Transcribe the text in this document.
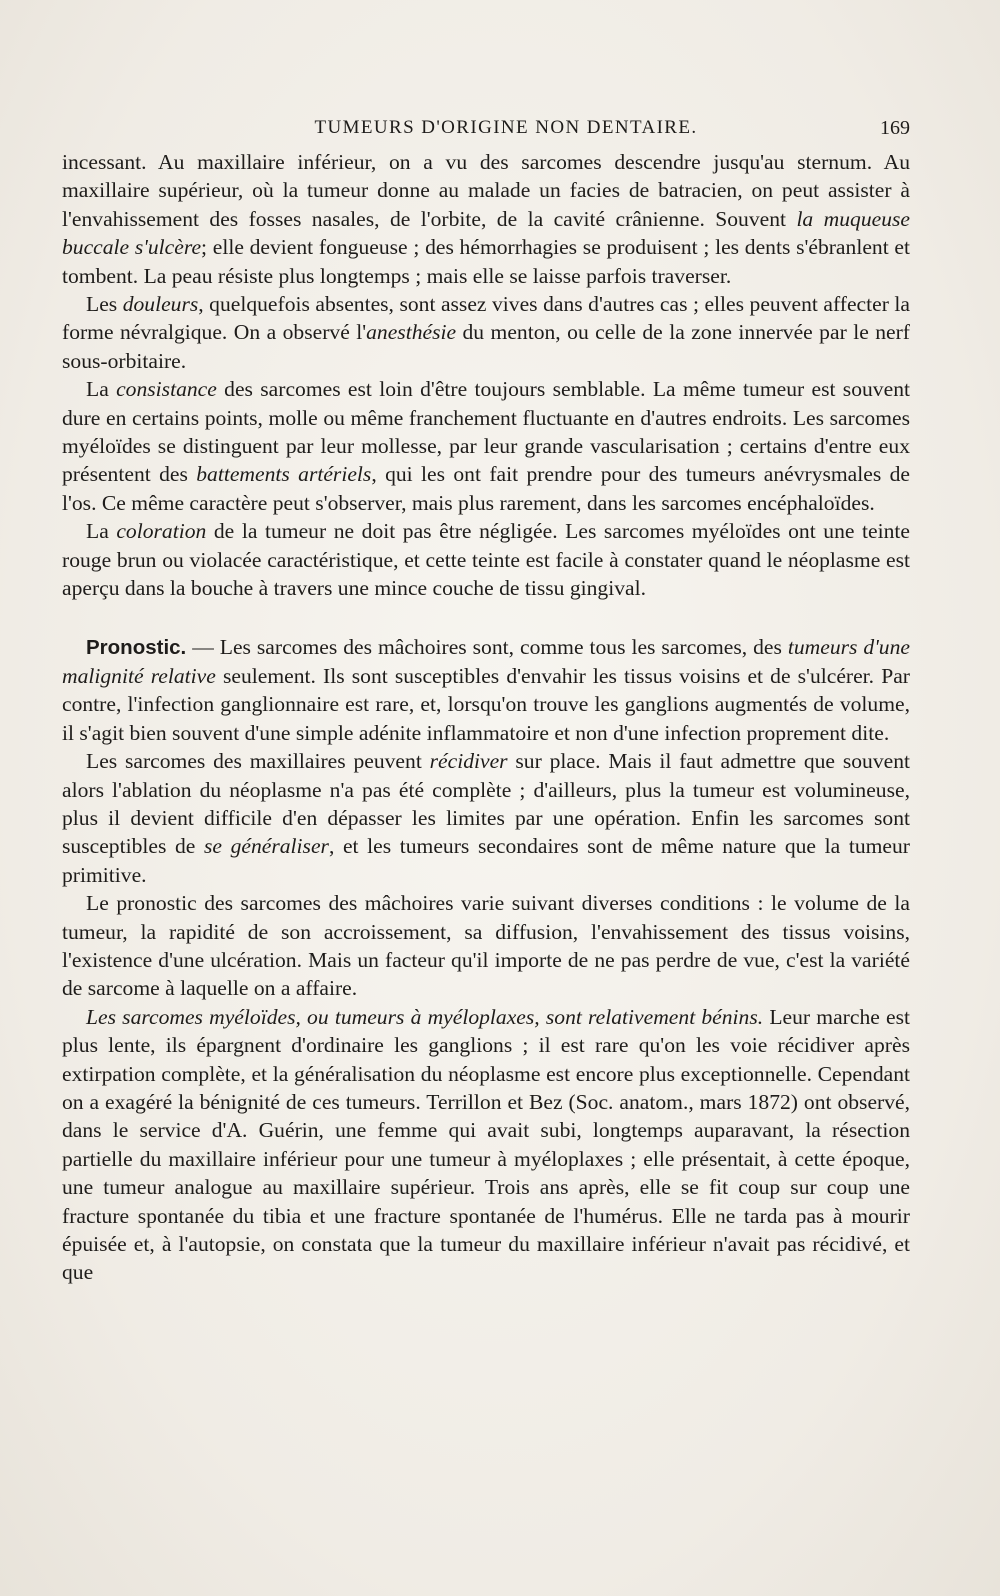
TUMEURS D'ORIGINE NON DENTAIRE.	169

incessant. Au maxillaire inférieur, on a vu des sarcomes descendre jusqu'au sternum. Au maxillaire supérieur, où la tumeur donne au malade un facies de batracien, on peut assister à l'envahissement des fosses nasales, de l'orbite, de la cavité crânienne. Souvent la muqueuse buccale s'ulcère; elle devient fongueuse ; des hémorrhagies se produisent ; les dents s'ébranlent et tombent. La peau résiste plus longtemps ; mais elle se laisse parfois traverser.

Les douleurs, quelquefois absentes, sont assez vives dans d'autres cas ; elles peuvent affecter la forme névralgique. On a observé l'anesthésie du menton, ou celle de la zone innervée par le nerf sous-orbitaire.

La consistance des sarcomes est loin d'être toujours semblable. La même tumeur est souvent dure en certains points, molle ou même franchement fluctuante en d'autres endroits. Les sarcomes myéloïdes se distinguent par leur mollesse, par leur grande vascularisation ; certains d'entre eux présentent des battements artériels, qui les ont fait prendre pour des tumeurs anévrysmales de l'os. Ce même caractère peut s'observer, mais plus rarement, dans les sarcomes encéphaloïdes.

La coloration de la tumeur ne doit pas être négligée. Les sarcomes myéloïdes ont une teinte rouge brun ou violacée caractéristique, et cette teinte est facile à constater quand le néoplasme est aperçu dans la bouche à travers une mince couche de tissu gingival.

Pronostic. — Les sarcomes des mâchoires sont, comme tous les sarcomes, des tumeurs d'une malignité relative seulement. Ils sont susceptibles d'envahir les tissus voisins et de s'ulcérer. Par contre, l'infection ganglionnaire est rare, et, lorsqu'on trouve les ganglions augmentés de volume, il s'agit bien souvent d'une simple adénite inflammatoire et non d'une infection proprement dite.

Les sarcomes des maxillaires peuvent récidiver sur place. Mais il faut admettre que souvent alors l'ablation du néoplasme n'a pas été complète ; d'ailleurs, plus la tumeur est volumineuse, plus il devient difficile d'en dépasser les limites par une opération. Enfin les sarcomes sont susceptibles de se généraliser, et les tumeurs secondaires sont de même nature que la tumeur primitive.

Le pronostic des sarcomes des mâchoires varie suivant diverses conditions : le volume de la tumeur, la rapidité de son accroissement, sa diffusion, l'envahissement des tissus voisins, l'existence d'une ulcération. Mais un facteur qu'il importe de ne pas perdre de vue, c'est la variété de sarcome à laquelle on a affaire.

Les sarcomes myéloïdes, ou tumeurs à myéloplaxes, sont relativement bénins. Leur marche est plus lente, ils épargnent d'ordinaire les ganglions ; il est rare qu'on les voie récidiver après extirpation complète, et la généralisation du néoplasme est encore plus exceptionnelle. Cependant on a exagéré la bénignité de ces tumeurs. Terrillon et Bez (Soc. anatom., mars 1872) ont observé, dans le service d'A. Guérin, une femme qui avait subi, longtemps auparavant, la résection partielle du maxillaire inférieur pour une tumeur à myéloplaxes ; elle présentait, à cette époque, une tumeur analogue au maxillaire supérieur. Trois ans après, elle se fit coup sur coup une fracture spontanée du tibia et une fracture spontanée de l'humérus. Elle ne tarda pas à mourir épuisée et, à l'autopsie, on constata que la tumeur du maxillaire inférieur n'avait pas récidivé, et que
